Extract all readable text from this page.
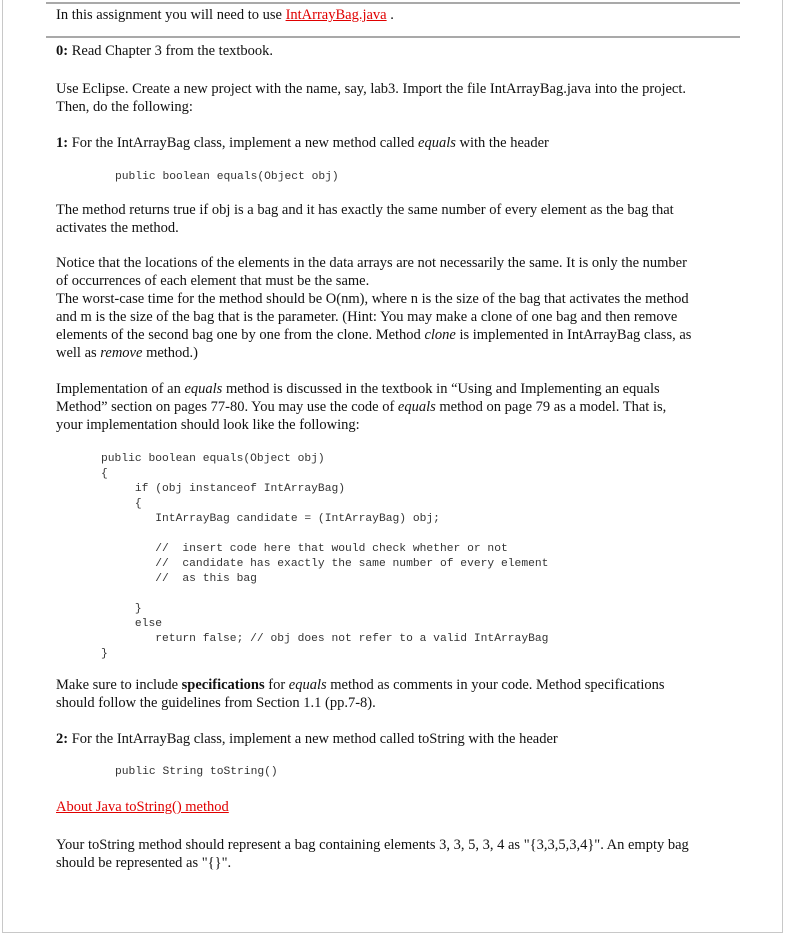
In this assignment you will need to use IntArrayBag.java .
0: Read Chapter 3 from the textbook.
Use Eclipse. Create a new project with the name, say, lab3. Import the file IntArrayBag.java into the project.
Then, do the following:
1: For the IntArrayBag class, implement a new method called equals with the header
public boolean equals(Object obj)
The method returns true if obj is a bag and it has exactly the same number of every element as the bag that
activates the method.
Notice that the locations of the elements in the data arrays are not necessarily the same. It is only the number
of occurrences of each element that must be the same.
The worst-case time for the method should be O(nm), where n is the size of the bag that activates the method
and m is the size of the bag that is the parameter. (Hint: You may make a clone of one bag and then remove
elements of the second bag one by one from the clone. Method clone is implemented in IntArrayBag class, as
well as remove method.)
Implementation of an equals method is discussed in the textbook in “Using and Implementing an equals
Method” section on pages 77-80. You may use the code of equals method on page 79 as a model. That is,
your implementation should look like the following:
public boolean equals(Object obj)
{
if (obj instanceof IntArrayBag)
{
IntArrayBag candidate = (IntArrayBag) obj;
//  insert code here that would check whether or not
//  candidate has exactly the same number of every element
//  as this bag
}
else
return false; // obj does not refer to a valid IntArrayBag
}
Make sure to include specifications for equals method as comments in your code. Method specifications
should follow the guidelines from Section 1.1 (pp.7-8).
2: For the IntArrayBag class, implement a new method called toString with the header
public String toString()
About Java toString() method
Your toString method should represent a bag containing elements 3, 3, 5, 3, 4 as "{3,3,5,3,4}". An empty bag
should be represented as "{}".
